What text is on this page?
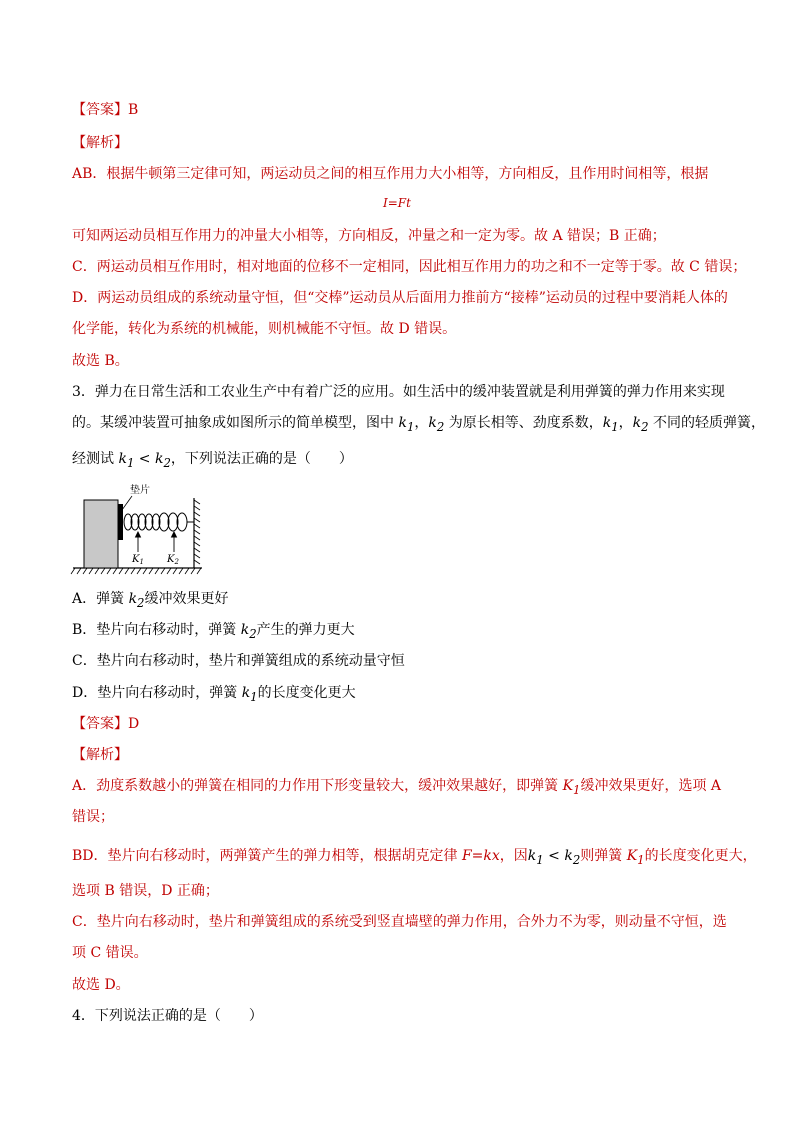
【答案】B
【解析】
AB．根据牛顿第三定律可知，两运动员之间的相互作用力大小相等，方向相反，且作用时间相等，根据
I=Ft
可知两运动员相互作用力的冲量大小相等，方向相反，冲量之和一定为零。故 A 错误；B 正确；
C．两运动员相互作用时，相对地面的位移不一定相同，因此相互作用力的功之和不一定等于零。故 C 错误；
D．两运动员组成的系统动量守恒，但“交棒”运动员从后面用力推前方“接棒”运动员的过程中要消耗人体的
化学能，转化为系统的机械能，则机械能不守恒。故 D 错误。
故选 B。
3．弹力在日常生活和工农业生产中有着广泛的应用。如生活中的缓冲装置就是利用弹簧的弹力作用来实现
的。某缓冲装置可抽象成如图所示的简单模型，图中 $k_1$，$k_2$ 为原长相等、劲度系数，$k_1$，$k_2$ 不同的轻质弹簧，
经测试 $k_1 < k_2$，下列说法正确的是（　　）
垫片
$K_1$ $K_2$
A．弹簧 $k_2$缓冲效果更好
B．垫片向右移动时，弹簧 $k_2$产生的弹力更大
C．垫片向右移动时，垫片和弹簧组成的系统动量守恒
D．垫片向右移动时，弹簧 $k_1$的长度变化更大
【答案】D
【解析】
A．劲度系数越小的弹簧在相同的力作用下形变量较大，缓冲效果越好，即弹簧 $K_1$缓冲效果更好，选项 A
错误；
BD．垫片向右移动时，两弹簧产生的弹力相等，根据胡克定律 F=kx，因$k_1 < k_2$则弹簧 $K_1$的长度变化更大，
选项 B 错误，D 正确；
C．垫片向右移动时，垫片和弹簧组成的系统受到竖直墙壁的弹力作用，合外力不为零，则动量不守恒，选
项 C 错误。
故选 D。
4．下列说法正确的是（　　）
